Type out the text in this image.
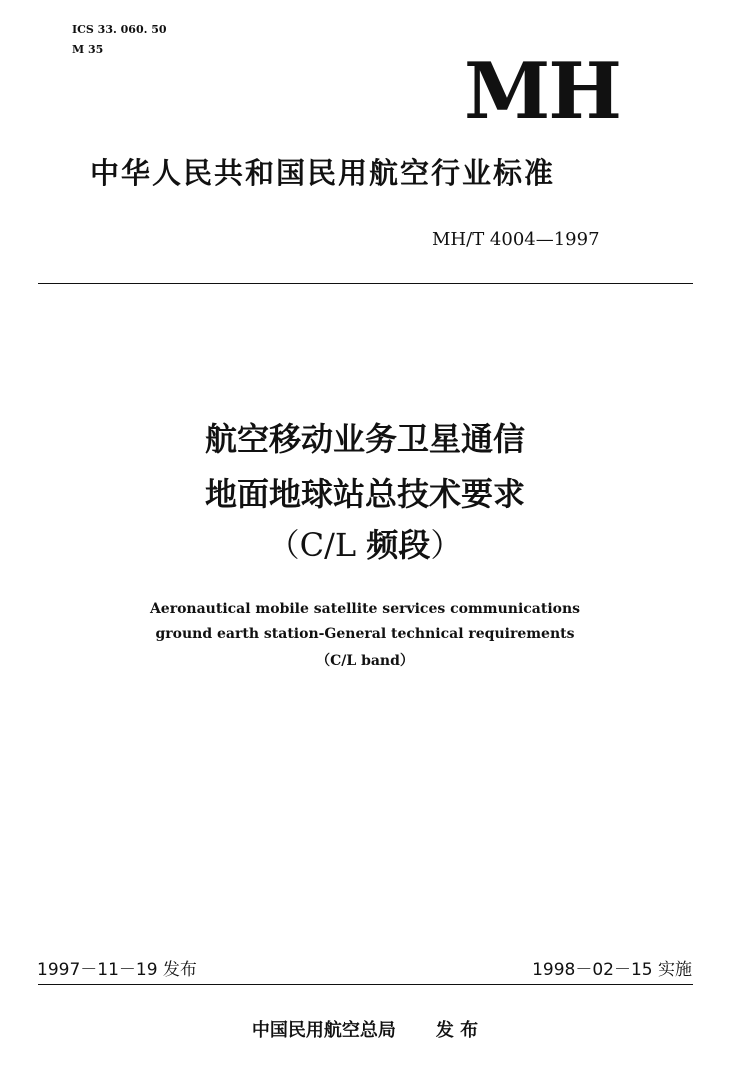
ICS 33. 060. 50
M 35	MH
中华人民共和国民用航空行业标准
MH/T 4004—1997
航空移动业务卫星通信
地面地球站总技术要求
（C/L 频段）
Aeronautical mobile satellite services communications
ground earth station-General technical requirements
（C/L band）
1997－11－19 发布	1998－02－15 实施
中国民用航空总局 发 布
